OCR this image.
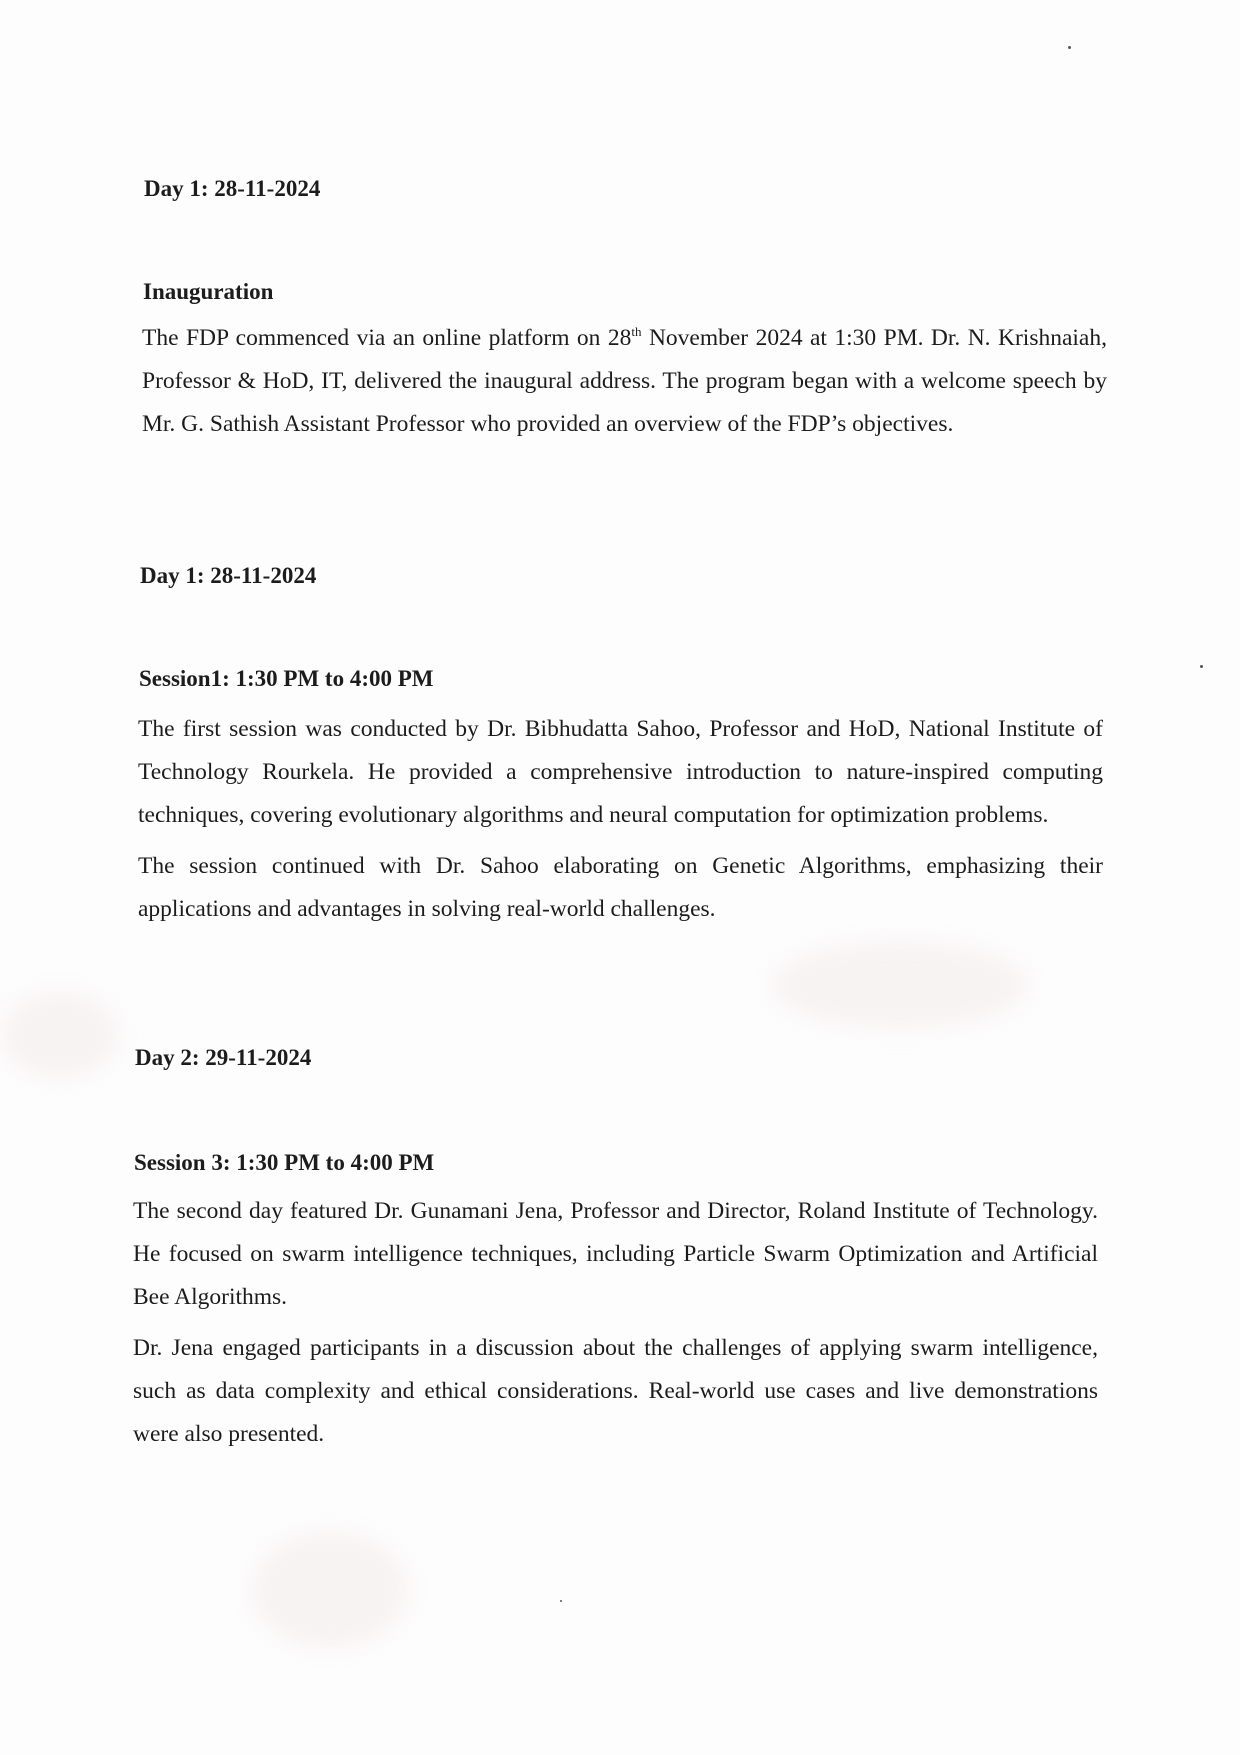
Day 1: 28-11-2024

Inauguration

The FDP commenced via an online platform on 28th November 2024 at 1:30 PM. Dr. N. Krishnaiah, Professor & HoD, IT, delivered the inaugural address. The program began with a welcome speech by Mr. G. Sathish Assistant Professor who provided an overview of the FDP’s objectives.

Day 1: 28-11-2024

Session1: 1:30 PM to 4:00 PM

The first session was conducted by Dr. Bibhudatta Sahoo, Professor and HoD, National Institute of Technology Rourkela. He provided a comprehensive introduction to nature-inspired computing techniques, covering evolutionary algorithms and neural computation for optimization problems.

The session continued with Dr. Sahoo elaborating on Genetic Algorithms, emphasizing their applications and advantages in solving real-world challenges.

Day 2: 29-11-2024

Session 3: 1:30 PM to 4:00 PM

The second day featured Dr. Gunamani Jena, Professor and Director, Roland Institute of Technology. He focused on swarm intelligence techniques, including Particle Swarm Optimization and Artificial Bee Algorithms.

Dr. Jena engaged participants in a discussion about the challenges of applying swarm intelligence, such as data complexity and ethical considerations. Real-world use cases and live demonstrations were also presented.
